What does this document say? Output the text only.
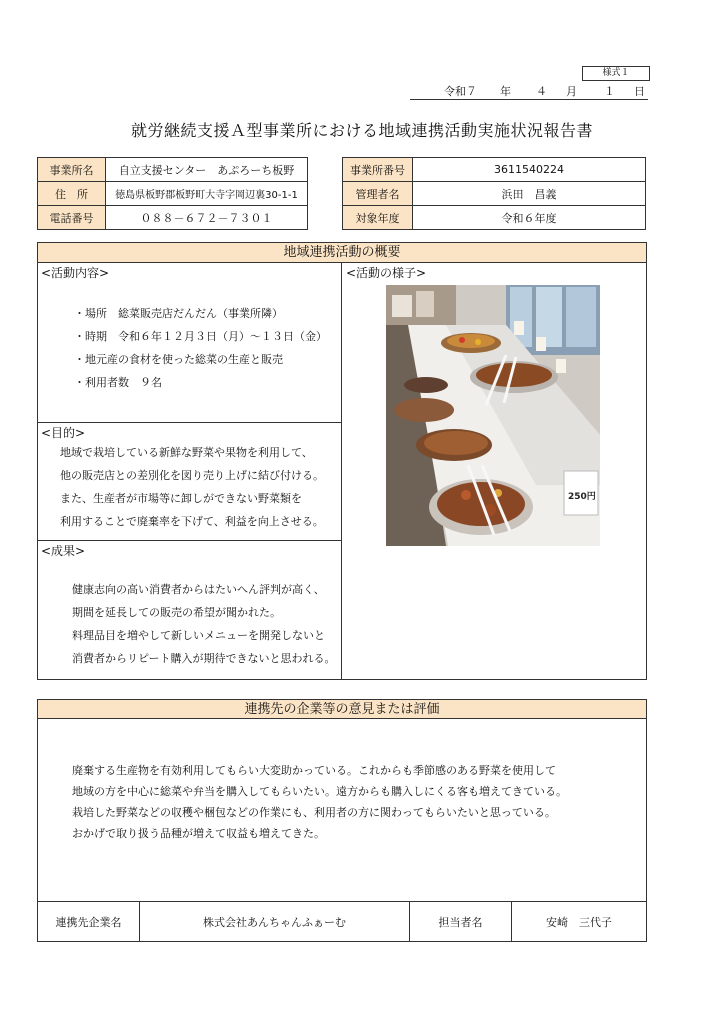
様式１
令和７ 年 ４ 月 １ 日
就労継続支援Ａ型事業所における地域連携活動実施状況報告書
事業所名	自立支援センター　あぷろーち板野
住　所	徳島県板野郡板野町大寺字岡辺裏30-1-1
電話番号	０８８－６７２－７３０１
事業所番号	3611540224
管理者名	浜田　昌義
対象年度	令和６年度
地域連携活動の概要
<活動内容>
・場所　総菜販売店だんだん（事業所隣）
・時期　令和６年１２月３日（月）～１３日（金）
・地元産の食材を使った総菜の生産と販売
・利用者数　９名
<目的>
地域で栽培している新鮮な野菜や果物を利用して、
他の販売店との差別化を図り売り上げに結び付ける。
また、生産者が市場等に卸しができない野菜類を
利用することで廃棄率を下げて、利益を向上させる。
<成果>
健康志向の高い消費者からはたいへん評判が高く、
期間を延長しての販売の希望が聞かれた。
料理品目を増やして新しいメニューを開発しないと
消費者からリピート購入が期待できないと思われる。
<活動の様子>
250円
連携先の企業等の意見または評価
廃棄する生産物を有効利用してもらい大変助かっている。これからも季節感のある野菜を使用して
地域の方を中心に総菜や弁当を購入してもらいたい。遠方からも購入しにくる客も増えてきている。
栽培した野菜などの収穫や梱包などの作業にも、利用者の方に関わってもらいたいと思っている。
おかげで取り扱う品種が増えて収益も増えてきた。
連携先企業名	株式会社あんちゃんふぁーむ	担当者名	安崎　三代子
